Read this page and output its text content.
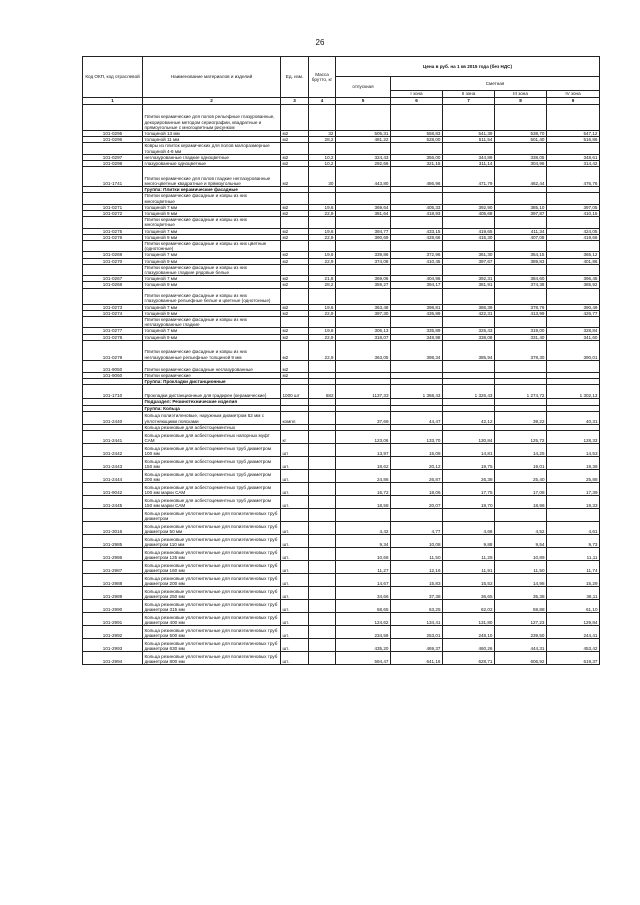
26
Код ОКП, код отраслевой	Наименование материалов и изделий	Ед. изм.	Масса брутто, кг	Цена в руб. на 1 кв 2015 года (без НДС)				
				отпускная	Сметная			
					I зона	II зона	III зона	IV зона
1	2	3	4	5	6	7	8	9
	Плитки керамические для полов рельефные глазурованные, декорированные методом сериографии, квадратные и прямоугольные с многоцветным рисунком							
101-0295	толщиной 13 мм	м2	32	505,31	558,83	541,39	538,70	547,12
101-0296	толщиной 11 мм	м2	28,2	481,22	528,00	511,54	501,40	516,86
	Ковры из плиток керамических для полов малоразмерные толщиной 4-6 мм							
101-0297	неглазурованные гладкие одноцветные	м2	10,2	324,43	356,00	344,89	338,05	348,61
101-0298	глазурованные одноцветные	м2	10,2	292,66	321,15	311,14	304,96	314,42
101-1741	Плитки керамические для полов гладкие неглазурованные много-цветные квадратные и прямоугольные	м2	30	443,80	486,96	471,79	462,44	476,76
	Группа: Плитки керамические фасадные							
	Плитки керамические фасадные и ковры из них многоцветные							
101-0271	толщиной 7 мм	м2	19,6	369,64	405,33	392,90	385,10	397,05
101-0272	толщиной 9 мм	м2	22,9	381,64	418,93	405,68	397,87	410,15
	Плитки керамические фасадные и ковры из них многоцветные							
101-0275	толщиной 7 мм	м2	19,6	394,77	433,15	419,65	411,34	424,05
101-0276	толщиной 9 мм	м2	22,9	390,69	428,66	415,30	407,08	419,66
	Плитки керамические фасадные и ковры из них цветные (однотонные)							
101-0269	толщиной 7 мм	м2	19,6	339,86	372,96	361,30	354,15	365,12
101-0270	толщиной 9 мм	м2	22,9	374,08	410,45	397,67	389,83	401,86
	Плитки керамические фасадные и ковры из них глазурованные гладкие рядовые белые							
101-0267	толщиной 7 мм	м2	21,8	369,06	404,96	392,31	384,60	396,45
101-0268	толщиной 9 мм	м2	28,2	359,27	394,17	381,91	374,38	385,92
	Плитки керамические фасадные и ковры из них глазурованные рельефные белые и цветные (однотонные)							
101-0273	толщиной 7 мм	м2	19,6	363,48	398,81	386,39	378,76	390,49
101-0274	толщиной 9 мм	м2	22,9	397,30	435,89	422,31	413,99	426,77
	Плитки керамические фасадные и ковры из них неглазурованные гладкие							
101-0277	толщиной 7 мм	м2	19,6	306,13	335,89	325,43	319,00	328,84
101-0278	толщиной 9 мм	м2	22,9	318,07	348,98	338,08	331,40	341,60
101-0279	Плитки керамические фасадные и ковры из них неглазурованные рельефные толщиной 9 мм	м2	22,9	363,05	398,34	385,94	378,30	390,01
101-9050	Плитки керамические фасадные неглазурованные	м2						
101-9060	Плитки керамические	м2						
	Группа: Прокладки дистанционные							
101-1710	Прокладки дистанционные для градирен (керамические)	1000 шт	682	1137,33	1 368,43	1 326,43	1 274,72	1 302,13
	Подраздел: Резинотехнические изделия							
	Группа: Кольца							
101-2440	Кольца полиэтиленовые, наружным диаметром 52 мм с уплотняющими поясками	компл		37,69	44,47	42,12	39,22	40,31
	Кольца резиновые для асбестоцементных							
101-2441	Кольца резиновые для асбестоцементных напорных муфт САМ	кг		123,06	133,70	130,84	125,72	128,33
101-2442	Кольца резиновые для асбестоцементных труб диаметром 100 мм	шт		13,97	15,08	14,81	14,25	14,53
101-2443	Кольца резиновые для асбестоцементных труб диаметром 150 мм	шт.		18,62	20,12	19,75	19,01	19,38
101-2444	Кольца резиновые для асбестоцементных труб диаметром 200 мм	шт.		24,86	26,87	26,38	25,40	25,88
101-9042	Кольца резиновые для асбестоцементных труб диаметром 100 мм марки САМ	шт.		16,72	18,06	17,75	17,08	17,39
101-2445	Кольца резиновые для асбестоцементных труб диаметром 150 мм марки САМ	шт.		18,58	20,07	19,70	18,96	19,33
	Кольца резиновые уплотнительные для полиэтиленовых труб диаметром							
101-3016	Кольца резиновые уплотнительные для полиэтиленовых труб диаметром 50 мм	шт.		4,42	4,77	4,68	4,52	4,61
101-2985	Кольца резиновые уплотнительные для полиэтиленовых труб диаметром 110 мм	шт.		9,34	10,08	9,88	9,54	9,73
101-2986	Кольца резиновые уплотнительные для полиэтиленовых труб диаметром 125 мм	шт.		10,66	11,50	11,28	10,89	11,11
101-2987	Кольца резиновые уплотнительные для полиэтиленовых труб диаметром 160 мм	шт.		11,27	12,16	11,91	11,50	11,74
101-2988	Кольца резиновые уплотнительные для полиэтиленовых труб диаметром 200 мм	шт.		14,67	15,83	15,52	14,98	15,29
101-2989	Кольца резиновые уплотнительные для полиэтиленовых труб диаметром 250 мм	шт.		34,66	37,38	36,65	35,38	36,11
101-2990	Кольца резиновые уплотнительные для полиэтиленовых труб диаметром 315 мм	шт.		58,65	63,25	62,02	59,88	61,10
101-2991	Кольца резиновые уплотнительные для полиэтиленовых труб диаметром 400 мм	шт.		124,62	134,41	131,80	127,23	129,84
101-2992	Кольца резиновые уплотнительные для полиэтиленовых труб диаметром 500 мм	шт.		234,59	253,01	248,10	239,50	244,41
101-2993	Кольца резиновые уплотнительные для полиэтиленовых труб диаметром 630 мм	шт.		435,20	469,37	460,26	444,31	453,42
101-2994	Кольца резиновые уплотнительные для полиэтиленовых труб диаметром 800 мм	шт.		594,47	641,16	628,71	606,92	619,37
